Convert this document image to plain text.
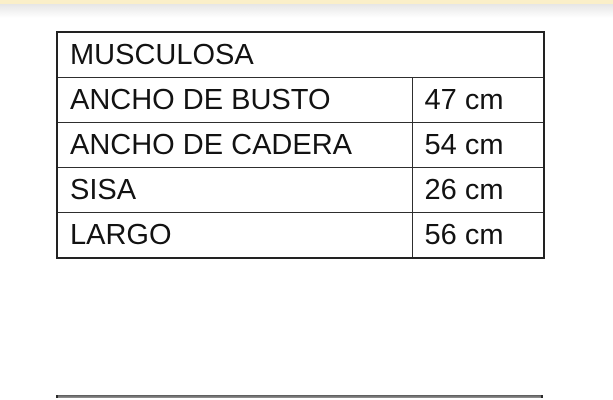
MUSCULOSA	
ANCHO DE BUSTO	47 cm
ANCHO DE CADERA	54 cm
SISA	26 cm
LARGO	56 cm
